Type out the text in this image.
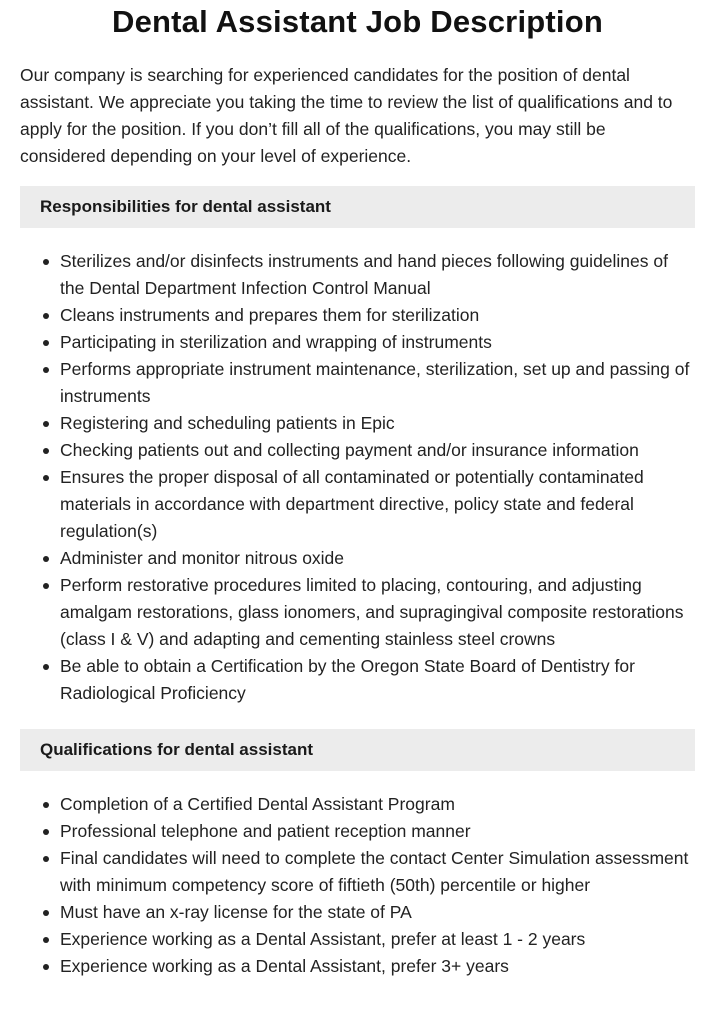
Dental Assistant Job Description

Our company is searching for experienced candidates for the position of dental assistant. We appreciate you taking the time to review the list of qualifications and to apply for the position. If you don’t fill all of the qualifications, you may still be considered depending on your level of experience.

Responsibilities for dental assistant
Sterilizes and/or disinfects instruments and hand pieces following guidelines of the Dental Department Infection Control Manual
Cleans instruments and prepares them for sterilization
Participating in sterilization and wrapping of instruments
Performs appropriate instrument maintenance, sterilization, set up and passing of instruments
Registering and scheduling patients in Epic
Checking patients out and collecting payment and/or insurance information
Ensures the proper disposal of all contaminated or potentially contaminated materials in accordance with department directive, policy state and federal regulation(s)
Administer and monitor nitrous oxide
Perform restorative procedures limited to placing, contouring, and adjusting amalgam restorations, glass ionomers, and supragingival composite restorations (class I & V) and adapting and cementing stainless steel crowns
Be able to obtain a Certification by the Oregon State Board of Dentistry for Radiological Proficiency
Qualifications for dental assistant
Completion of a Certified Dental Assistant Program
Professional telephone and patient reception manner
Final candidates will need to complete the contact Center Simulation assessment with minimum competency score of fiftieth (50th) percentile or higher
Must have an x-ray license for the state of PA
Experience working as a Dental Assistant, prefer at least 1 - 2 years
Experience working as a Dental Assistant, prefer 3+ years
